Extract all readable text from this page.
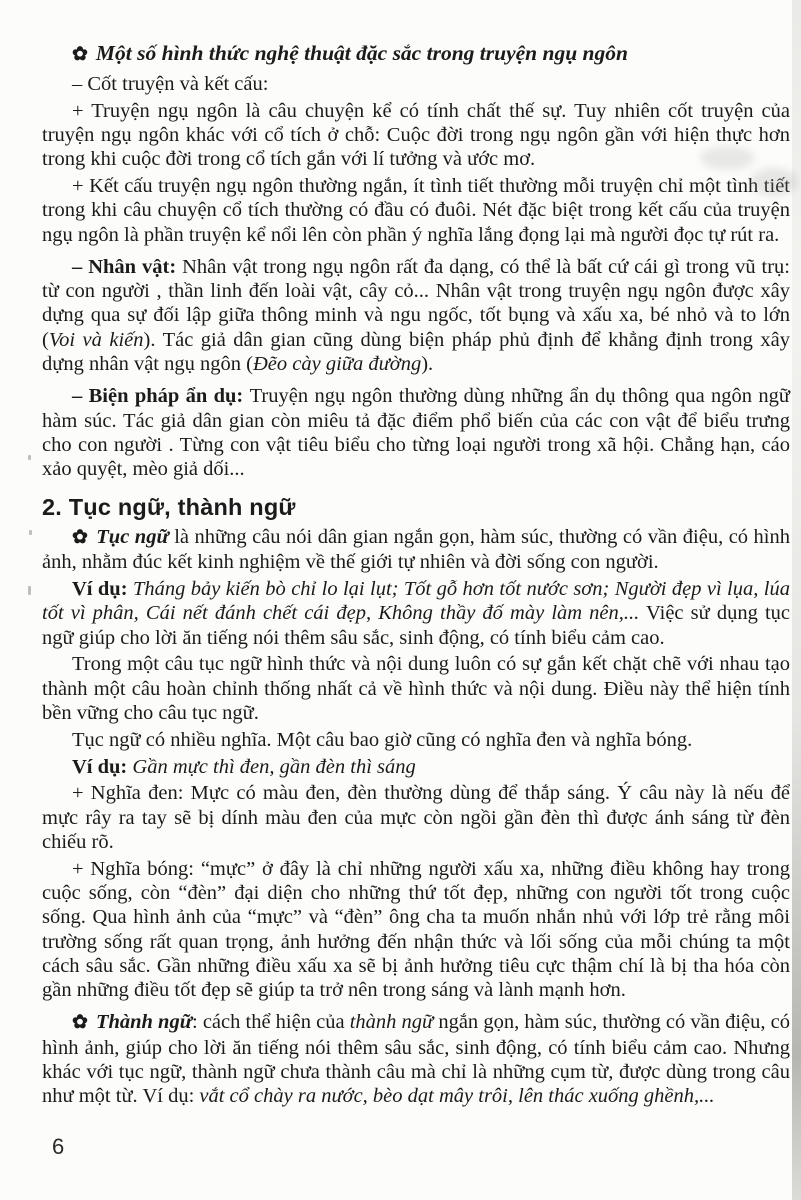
✿ Một số hình thức nghệ thuật đặc sắc trong truyện ngụ ngôn

– Cốt truyện và kết cấu:

+ Truyện ngụ ngôn là câu chuyện kể có tính chất thế sự. Tuy nhiên cốt truyện của truyện ngụ ngôn khác với cổ tích ở chỗ: Cuộc đời trong ngụ ngôn gần với hiện thực hơn trong khi cuộc đời trong cổ tích gắn với lí tưởng và ước mơ.

+ Kết cấu truyện ngụ ngôn thường ngắn, ít tình tiết thường mỗi truyện chỉ một tình tiết trong khi câu chuyện cổ tích thường có đầu có đuôi. Nét đặc biệt trong kết cấu của truyện ngụ ngôn là phần truyện kể nổi lên còn phần ý nghĩa lắng đọng lại mà người đọc tự rút ra.

– Nhân vật: Nhân vật trong ngụ ngôn rất đa dạng, có thể là bất cứ cái gì trong vũ trụ: từ con người , thần linh đến loài vật, cây cỏ... Nhân vật trong truyện ngụ ngôn được xây dựng qua sự đối lập giữa thông minh và ngu ngốc, tốt bụng và xấu xa, bé nhỏ và to lớn (Voi và kiến). Tác giả dân gian cũng dùng biện pháp phủ định để khẳng định trong xây dựng nhân vật ngụ ngôn (Đẽo cày giữa đường).

– Biện pháp ẩn dụ: Truyện ngụ ngôn thường dùng những ẩn dụ thông qua ngôn ngữ hàm súc. Tác giả dân gian còn miêu tả đặc điểm phổ biến của các con vật để biểu trưng cho con người . Từng con vật tiêu biểu cho từng loại người trong xã hội. Chẳng hạn, cáo xảo quyệt, mèo giả dối...

2. Tục ngữ, thành ngữ

✿ Tục ngữ là những câu nói dân gian ngắn gọn, hàm súc, thường có vần điệu, có hình ảnh, nhằm đúc kết kinh nghiệm về thế giới tự nhiên và đời sống con người.

Ví dụ: Tháng bảy kiến bò chỉ lo lại lụt; Tốt gỗ hơn tốt nước sơn; Người đẹp vì lụa, lúa tốt vì phân, Cái nết đánh chết cái đẹp, Không thầy đố mày làm nên,... Việc sử dụng tục ngữ giúp cho lời ăn tiếng nói thêm sâu sắc, sinh động, có tính biểu cảm cao.

Trong một câu tục ngữ hình thức và nội dung luôn có sự gắn kết chặt chẽ với nhau tạo thành một câu hoàn chỉnh thống nhất cả về hình thức và nội dung. Điều này thể hiện tính bền vững cho câu tục ngữ.

Tục ngữ có nhiều nghĩa. Một câu bao giờ cũng có nghĩa đen và nghĩa bóng.

Ví dụ: Gần mực thì đen, gần đèn thì sáng

+ Nghĩa đen: Mực có màu đen, đèn thường dùng để thắp sáng. Ý câu này là nếu để mực rây ra tay sẽ bị dính màu đen của mực còn ngồi gần đèn thì được ánh sáng từ đèn chiếu rõ.

+ Nghĩa bóng: “mực” ở đây là chỉ những người xấu xa, những điều không hay trong cuộc sống, còn “đèn” đại diện cho những thứ tốt đẹp, những con người tốt trong cuộc sống. Qua hình ảnh của “mực” và “đèn” ông cha ta muốn nhắn nhủ với lớp trẻ rằng môi trường sống rất quan trọng, ảnh hưởng đến nhận thức và lối sống của mỗi chúng ta một cách sâu sắc. Gần những điều xấu xa sẽ bị ảnh hưởng tiêu cực thậm chí là bị tha hóa còn gần những điều tốt đẹp sẽ giúp ta trở nên trong sáng và lành mạnh hơn.

✿ Thành ngữ: cách thể hiện của thành ngữ ngắn gọn, hàm súc, thường có vần điệu, có hình ảnh, giúp cho lời ăn tiếng nói thêm sâu sắc, sinh động, có tính biểu cảm cao. Nhưng khác với tục ngữ, thành ngữ chưa thành câu mà chỉ là những cụm từ, được dùng trong câu như một từ. Ví dụ: vắt cổ chày ra nước, bèo dạt mây trôi, lên thác xuống ghềnh,...

6
